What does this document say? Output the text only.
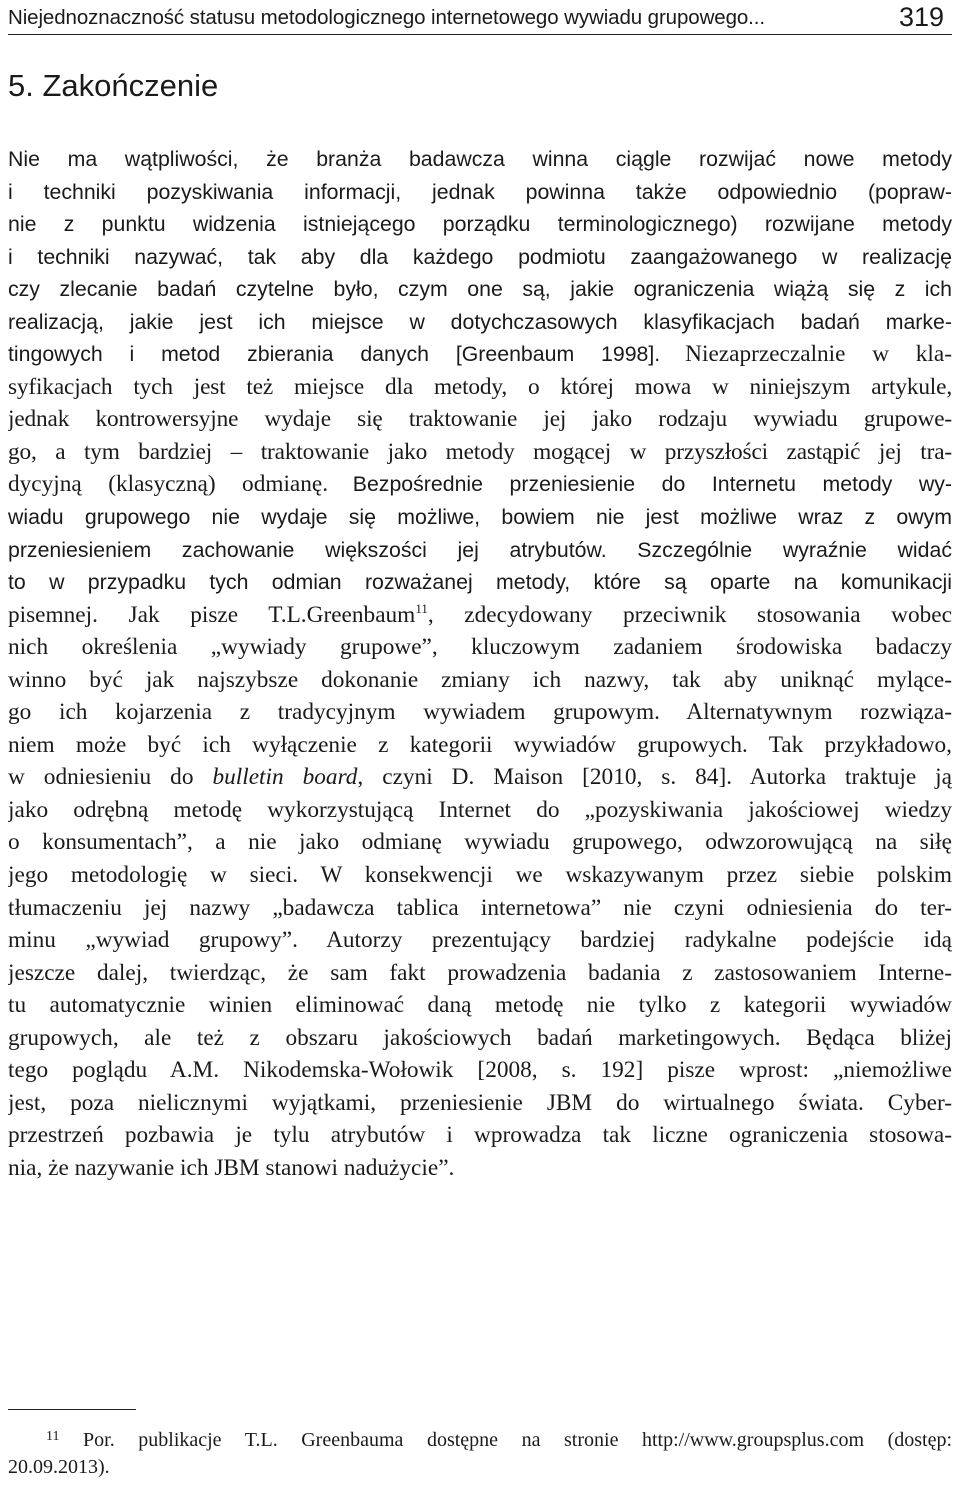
Niejednoznaczność statusu metodologicznego internetowego wywiadu grupowego...	319
5. Zakończenie
Nie ma wątpliwości, że branża badawcza winna ciągle rozwijać nowe metody
i techniki pozyskiwania informacji, jednak powinna także odpowiednio (popraw-
nie z punktu widzenia istniejącego porządku terminologicznego) rozwijane metody
i techniki nazywać, tak aby dla każdego podmiotu zaangażowanego w realizację
czy zlecanie badań czytelne było, czym one są, jakie ograniczenia wiążą się z ich
realizacją, jakie jest ich miejsce w dotychczasowych klasyfikacjach badań marke-
tingowych i metod zbierania danych [Greenbaum 1998]. Niezaprzeczalnie w kla-
syfikacjach tych jest też miejsce dla metody, o której mowa w niniejszym artykule,
jednak kontrowersyjne wydaje się traktowanie jej jako rodzaju wywiadu grupowe-
go, a tym bardziej – traktowanie jako metody mogącej w przyszłości zastąpić jej tra-
dycyjną (klasyczną) odmianę. Bezpośrednie przeniesienie do Internetu metody wy-
wiadu grupowego nie wydaje się możliwe, bowiem nie jest możliwe wraz z owym
przeniesieniem zachowanie większości jej atrybutów. Szczególnie wyraźnie widać
to w przypadku tych odmian rozważanej metody, które są oparte na komunikacji
pisemnej. Jak pisze T.L.Greenbaum$^{11}$, zdecydowany przeciwnik stosowania wobec
nich określenia „wywiady grupowe”, kluczowym zadaniem środowiska badaczy
winno być jak najszybsze dokonanie zmiany ich nazwy, tak aby uniknąć mylące-
go ich kojarzenia z tradycyjnym wywiadem grupowym. Alternatywnym rozwiąza-
niem może być ich wyłączenie z kategorii wywiadów grupowych. Tak przykładowo,
w odniesieniu do bulletin board, czyni D. Maison [2010, s. 84]. Autorka traktuje ją
jako odrębną metodę wykorzystującą Internet do „pozyskiwania jakościowej wiedzy
o konsumentach”, a nie jako odmianę wywiadu grupowego, odwzorowującą na siłę
jego metodologię w sieci. W konsekwencji we wskazywanym przez siebie polskim
tłumaczeniu jej nazwy „badawcza tablica internetowa” nie czyni odniesienia do ter-
minu „wywiad grupowy”. Autorzy prezentujący bardziej radykalne podejście idą
jeszcze dalej, twierdząc, że sam fakt prowadzenia badania z zastosowaniem Interne-
tu automatycznie winien eliminować daną metodę nie tylko z kategorii wywiadów
grupowych, ale też z obszaru jakościowych badań marketingowych. Będąca bliżej
tego poglądu A.M. Nikodemska-Wołowik [2008, s. 192] pisze wprost: „niemożliwe
jest, poza nielicznymi wyjątkami, przeniesienie JBM do wirtualnego świata. Cyber-
przestrzeń pozbawia je tylu atrybutów i wprowadza tak liczne ograniczenia stosowa-
nia, że nazywanie ich JBM stanowi nadużycie”.
$^{11}$ Por. publikacje T.L. Greenbauma dostępne na stronie http://www.groupsplus.com (dostęp:
20.09.2013).
